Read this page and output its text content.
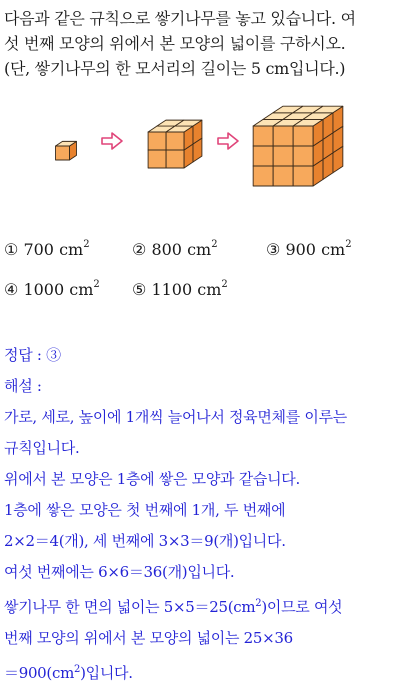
다음과 같은 규칙으로 쌓기나무를 놓고 있습니다. 여

섯 번째 모양의 위에서 본 모양의 넓이를 구하시오.

(단, 쌓기나무의 한 모서리의 길이는 5 cm입니다.)

① 700 $cm^2$	② 800 $cm^2$	③ 900 $cm^2$
④ 1000 $cm^2$ ⑤ 1100 $cm^2$

정답 : ③

해설 :

가로, 세로, 높이에 1개씩 늘어나서 정육면체를 이루는

규칙입니다.

위에서 본 모양은 1층에 쌓은 모양과 같습니다.

1층에 쌓은 모양은 첫 번째에 1개, 두 번째에

2×2＝4(개), 세 번째에 3×3＝9(개)입니다.

여섯 번째에는 6×6＝36(개)입니다.

쌓기나무 한 면의 넓이는 $5\times 5=25(cm^2)$이므로 여섯

번째 모양의 위에서 본 모양의 넓이는 25×36

$=900(cm^2)$입니다.
